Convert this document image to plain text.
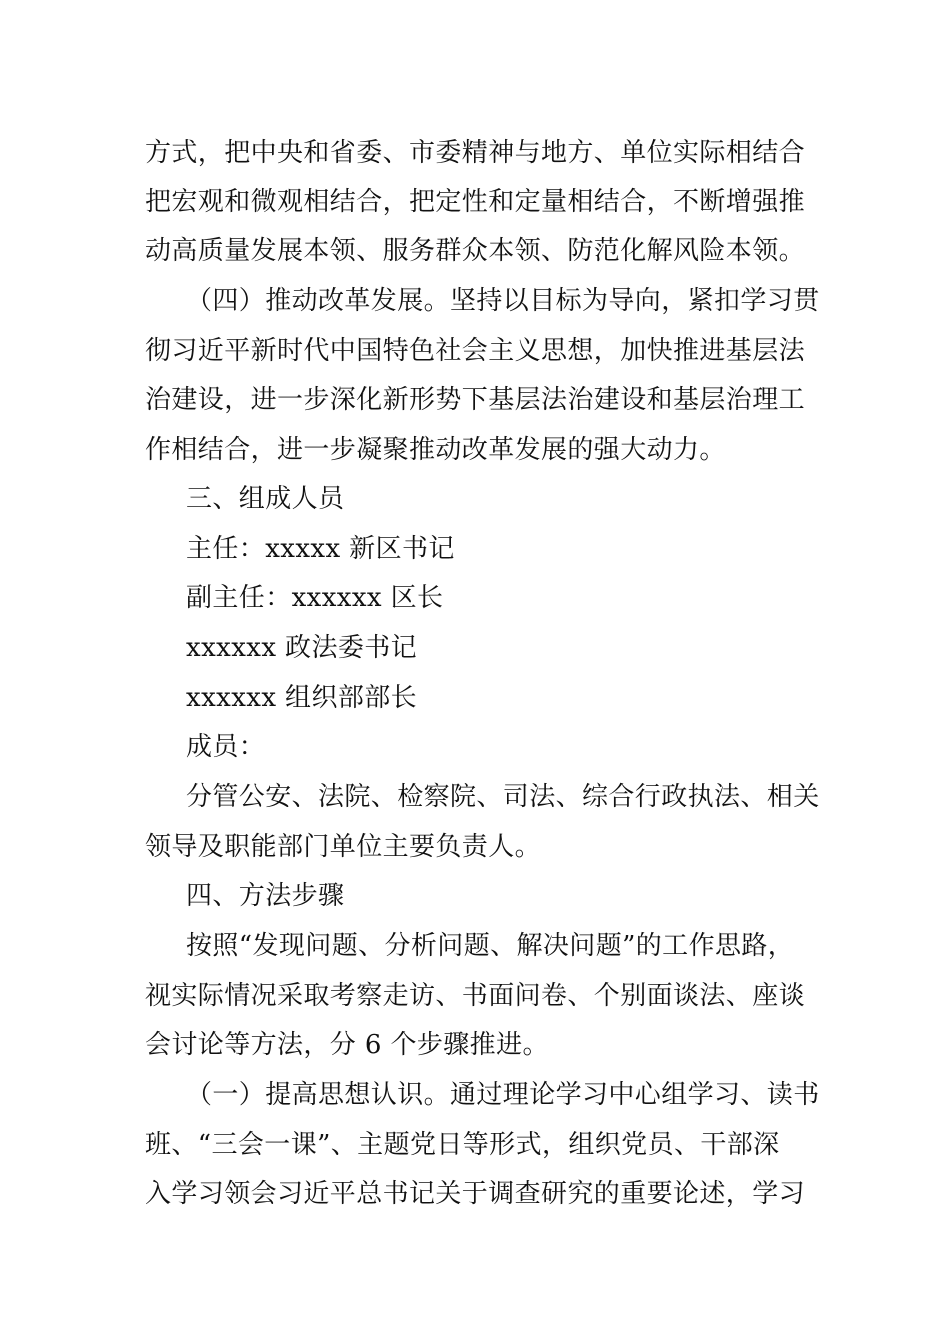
方式，把中央和省委、市委精神与地方、单位实际相结合
把宏观和微观相结合，把定性和定量相结合，不断增强推
动高质量发展本领、服务群众本领、防范化解风险本领。
（四）推动改革发展。坚持以目标为导向，紧扣学习贯
彻习近平新时代中国特色社会主义思想，加快推进基层法
治建设，进一步深化新形势下基层法治建设和基层治理工
作相结合，进一步凝聚推动改革发展的强大动力。
三、组成人员
主任：xxxxx 新区书记
副主任：xxxxxx 区长
xxxxxx 政法委书记
xxxxxx 组织部部长
成员：
分管公安、法院、检察院、司法、综合行政执法、相关
领导及职能部门单位主要负责人。
四、方法步骤
按照“发现问题、分析问题、解决问题”的工作思路，
视实际情况采取考察走访、书面问卷、个别面谈法、座谈
会讨论等方法，分 6 个步骤推进。
（一）提高思想认识。通过理论学习中心组学习、读书
班、“三会一课”、主题党日等形式，组织党员、干部深
入学习领会习近平总书记关于调查研究的重要论述，学习
